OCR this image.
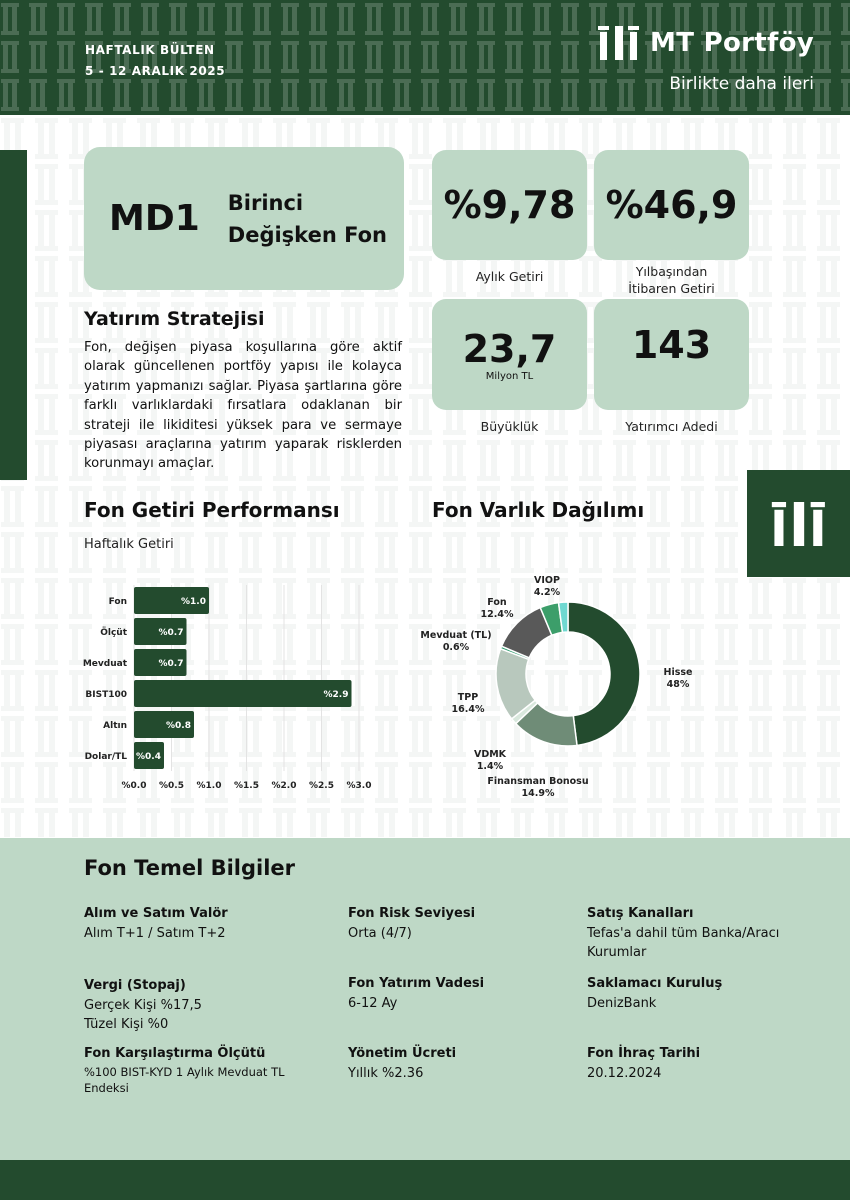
HAFTALIK BÜLTEN
5 - 12 ARALIK 2025
MT Portföy
Birlikte daha ileri
MD1 Birinci
Değişken Fon
%9,78
Aylık Getiri
%46,9
Yılbaşından
İtibaren Getiri
23,7
Milyon TL
Büyüklük
143
Yatırımcı Adedi
Yatırım Stratejisi
Fon, değişen piyasa koşullarına göre aktif olarak güncellenen portföy yapısı ile kolayca yatırım yapmanızı sağlar. Piyasa şartlarına göre farklı varlıklardaki fırsatlara odaklanan bir strateji ile likiditesi yüksek para ve sermaye piyasası araçlarına yatırım yaparak risklerden korunmayı amaçlar.
Fon Getiri Performansı
Haftalık Getiri
Fon Varlık Dağılımı
%0.0 %0.5 %1.0 %1.5 %2.0 %2.5 %3.0
Fon	%1.0
Ölçüt	%0.7
Mevduat	%0.7
BIST100	%2.9
Altın	%0.8
Dolar/TL %0.4
Hisse
48%
Finansman Bonosu
14.9%
VDMK
1.4%
TPP
16.4%
Mevduat (TL)
0.6%
Fon
12.4%
VIOP
4.2%
Fon Temel Bilgiler
Alım ve Satım Valör
Alım T+1 / Satım T+2
Fon Risk Seviyesi
Orta (4/7)
Satış Kanalları
Tefas'a dahil tüm Banka/Aracı Kurumlar
Vergi (Stopaj)
Gerçek Kişi %17,5
Tüzel Kişi %0
Fon Yatırım Vadesi
6-12 Ay
Saklamacı Kuruluş
DenizBank
Fon Karşılaştırma Ölçütü
%100 BIST-KYD 1 Aylık Mevduat TL Endeksi
Yönetim Ücreti
Yıllık %2.36
Fon İhraç Tarihi
20.12.2024
